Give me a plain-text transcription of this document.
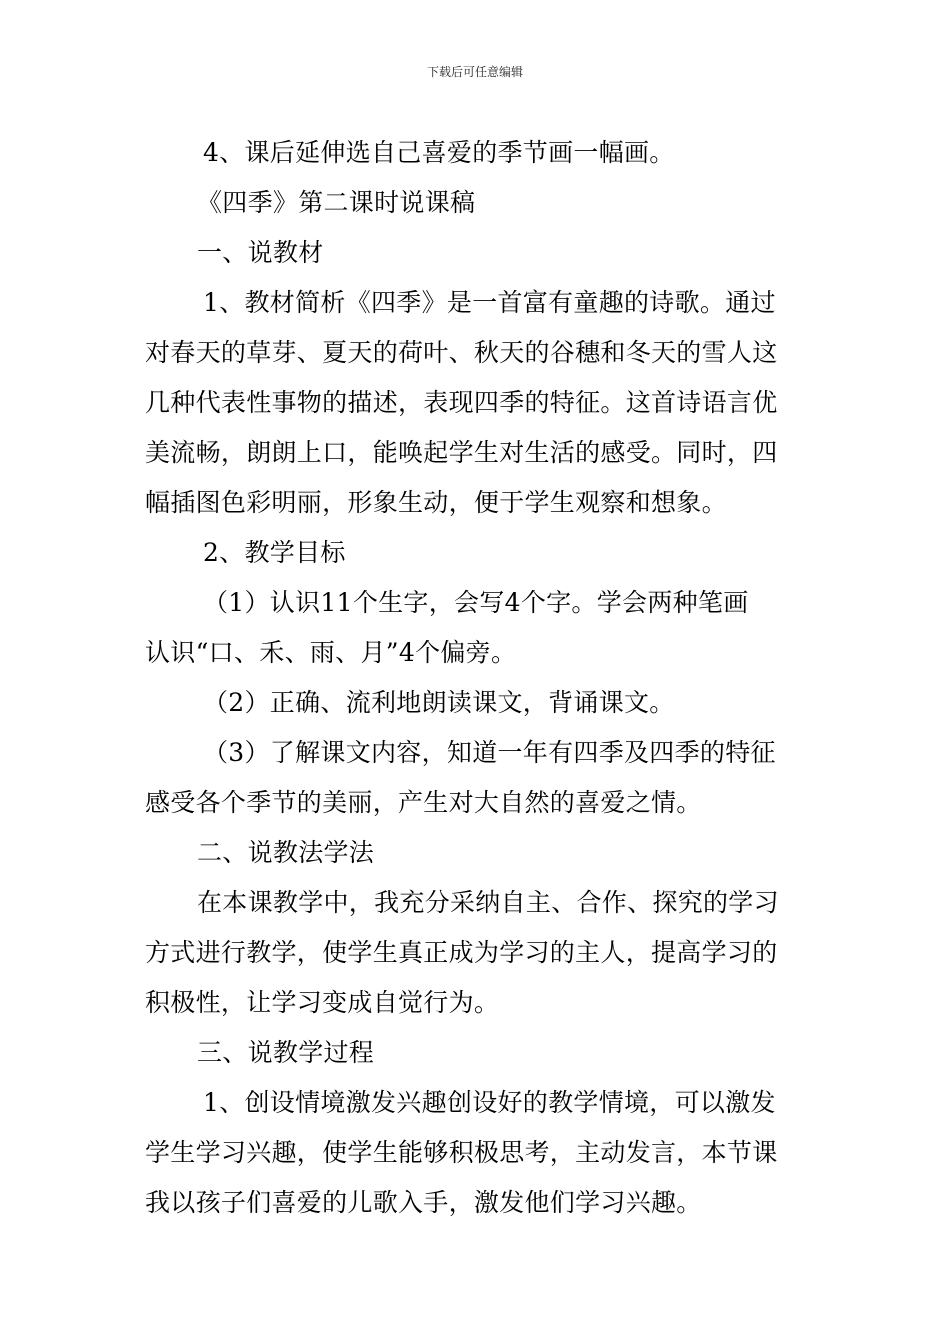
下载后可任意编辑
4、课后延伸选自己喜爱的季节画一幅画。
《四季》第二课时说课稿
一、说教材
1、教材简析《四季》是一首富有童趣的诗歌。通过
对春天的草芽、夏天的荷叶、秋天的谷穗和冬天的雪人这
几种代表性事物的描述，表现四季的特征。这首诗语言优
美流畅，朗朗上口，能唤起学生对生活的感受。同时，四
幅插图色彩明丽，形象生动，便于学生观察和想象。
2、教学目标
（1）认识11个生字，会写4个字。学会两种笔画
认识“口、禾、雨、月”4个偏旁。
（2）正确、流利地朗读课文，背诵课文。
（3）了解课文内容，知道一年有四季及四季的特征
感受各个季节的美丽，产生对大自然的喜爱之情。
二、说教法学法
在本课教学中，我充分采纳自主、合作、探究的学习
方式进行教学，使学生真正成为学习的主人，提高学习的
积极性，让学习变成自觉行为。
三、说教学过程
1、创设情境激发兴趣创设好的教学情境，可以激发
学生学习兴趣，使学生能够积极思考，主动发言，本节课
我以孩子们喜爱的儿歌入手，激发他们学习兴趣。
